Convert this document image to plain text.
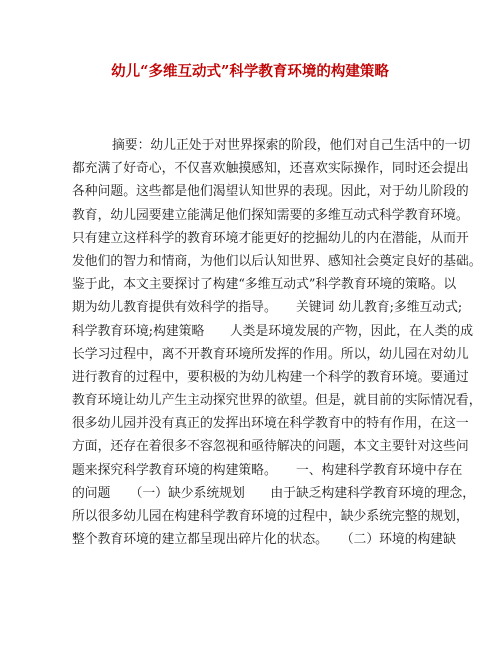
幼儿“多维互动式”科学教育环境的构建策略
摘要：幼儿正处于对世界探索的阶段，他们对自己生活中的一切
都充满了好奇心，不仅喜欢触摸感知，还喜欢实际操作，同时还会提出
各种问题。这些都是他们渴望认知世界的表现。因此，对于幼儿阶段的
教育，幼儿园要建立能满足他们探知需要的多维互动式科学教育环境。
只有建立这样科学的教育环境才能更好的挖掘幼儿的内在潜能，从而开
发他们的智力和情商，为他们以后认知世界、感知社会奠定良好的基础。
鉴于此，本文主要探讨了构建“多维互动式”科学教育环境的策略。以
期为幼儿教育提供有效科学的指导。　　关键词 幼儿教育;多维互动式;
科学教育环境;构建策略　　人类是环境发展的产物，因此，在人类的成
长学习过程中，离不开教育环境所发挥的作用。所以，幼儿园在对幼儿
进行教育的过程中，要积极的为幼儿构建一个科学的教育环境。要通过
教育环境让幼儿产生主动探究世界的欲望。但是，就目前的实际情况看，
很多幼儿园并没有真正的发挥出环境在科学教育中的特有作用，在这一
方面，还存在着很多不容忽视和亟待解决的问题，本文主要针对这些问
题来探究科学教育环境的构建策略。　　一、构建科学教育环境中存在
的问题　　（一）缺少系统规划　　由于缺乏构建科学教育环境的理念，
所以很多幼儿园在构建科学教育环境的过程中，缺少系统完整的规划，
整个教育环境的建立都呈现出碎片化的状态。　　（二）环境的构建缺
